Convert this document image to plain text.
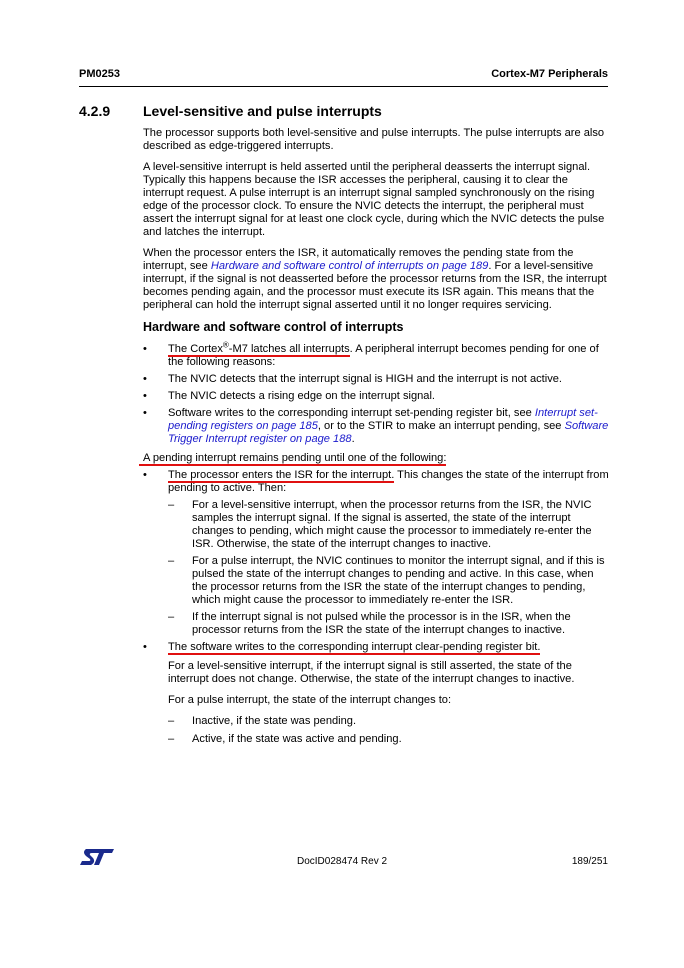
PM0253	Cortex-M7 Peripherals
4.2.9 Level-sensitive and pulse interrupts

The processor supports both level-sensitive and pulse interrupts. The pulse interrupts are also described as edge-triggered interrupts.

A level-sensitive interrupt is held asserted until the peripheral deasserts the interrupt signal. Typically this happens because the ISR accesses the peripheral, causing it to clear the interrupt request. A pulse interrupt is an interrupt signal sampled synchronously on the rising edge of the processor clock. To ensure the NVIC detects the interrupt, the peripheral must assert the interrupt signal for at least one clock cycle, during which the NVIC detects the pulse and latches the interrupt.

When the processor enters the ISR, it automatically removes the pending state from the interrupt, see Hardware and software control of interrupts on page 189. For a level-sensitive interrupt, if the signal is not deasserted before the processor returns from the ISR, the interrupt becomes pending again, and the processor must execute its ISR again. This means that the peripheral can hold the interrupt signal asserted until it no longer requires servicing.

Hardware and software control of interrupts
• The Cortex®-M7 latches all interrupts. A peripheral interrupt becomes pending for one of the following reasons:
• The NVIC detects that the interrupt signal is HIGH and the interrupt is not active.
• The NVIC detects a rising edge on the interrupt signal.
• Software writes to the corresponding interrupt set-pending register bit, see Interrupt set-pending registers on page 185, or to the STIR to make an interrupt pending, see Software Trigger Interrupt register on page 188.
A pending interrupt remains pending until one of the following:
• The processor enters the ISR for the interrupt. This changes the state of the interrupt from pending to active. Then:
– For a level-sensitive interrupt, when the processor returns from the ISR, the NVIC samples the interrupt signal. If the signal is asserted, the state of the interrupt changes to pending, which might cause the processor to immediately re-enter the ISR. Otherwise, the state of the interrupt changes to inactive.
– For a pulse interrupt, the NVIC continues to monitor the interrupt signal, and if this is pulsed the state of the interrupt changes to pending and active. In this case, when the processor returns from the ISR the state of the interrupt changes to pending, which might cause the processor to immediately re-enter the ISR.
– If the interrupt signal is not pulsed while the processor is in the ISR, when the processor returns from the ISR the state of the interrupt changes to inactive.
• The software writes to the corresponding interrupt clear-pending register bit.

For a level-sensitive interrupt, if the interrupt signal is still asserted, the state of the interrupt does not change. Otherwise, the state of the interrupt changes to inactive.

For a pulse interrupt, the state of the interrupt changes to:

– Inactive, if the state was pending.
– Active, if the state was active and pending.
DocID028474 Rev 2	189/251
